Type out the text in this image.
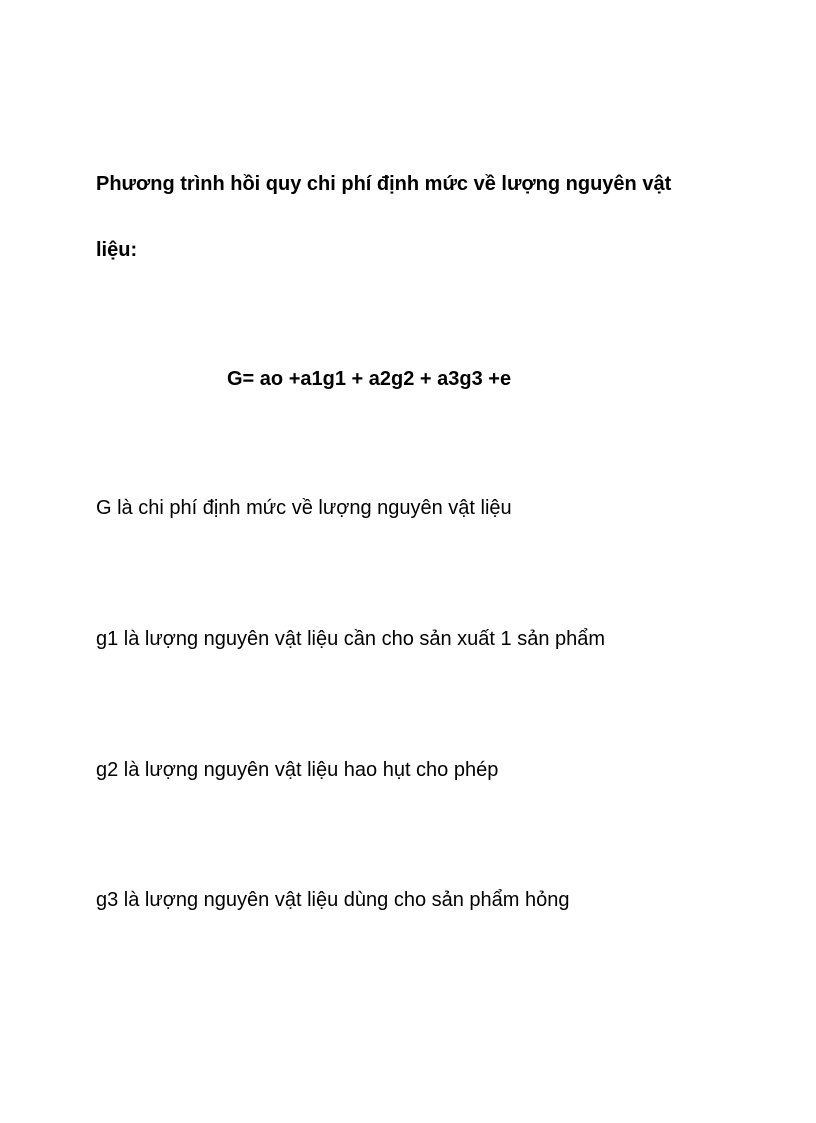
Phương trình hồi quy chi phí định mức về lượng nguyên vật
liệu:
G= ao +a1g1 + a2g2 + a3g3 +e
G là chi phí định mức về lượng nguyên vật liệu
g1 là lượng nguyên vật liệu cần cho sản xuất 1 sản phẩm
g2 là lượng nguyên vật liệu hao hụt cho phép
g3 là lượng nguyên vật liệu dùng cho sản phẩm hỏng
